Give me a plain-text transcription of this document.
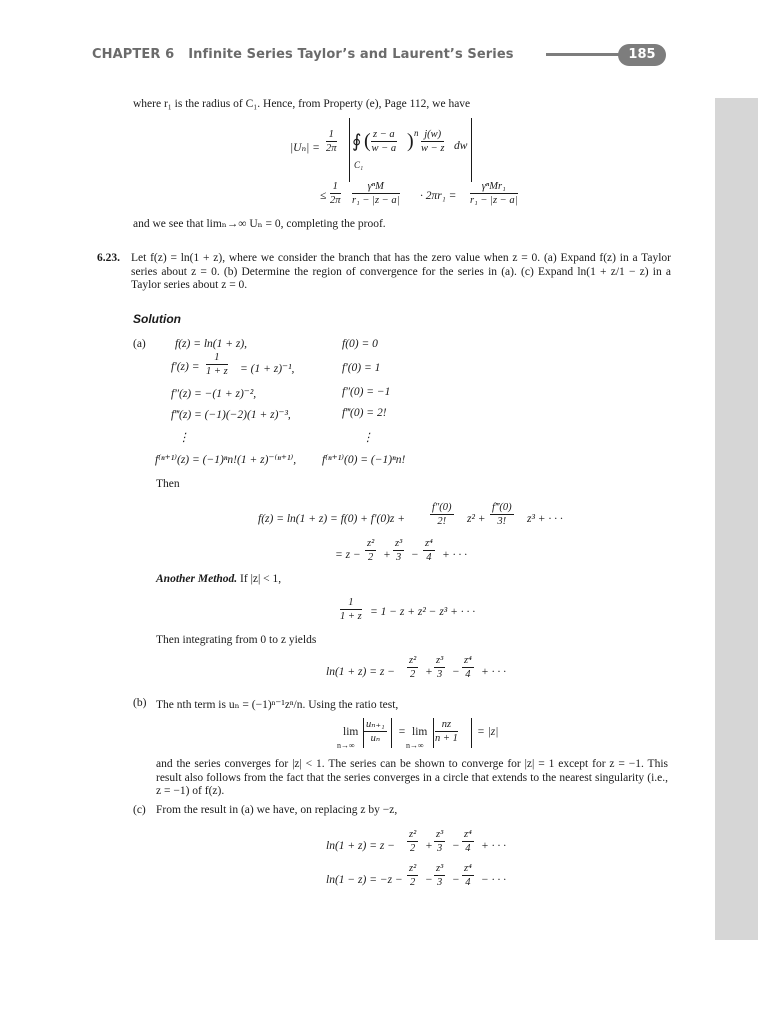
CHAPTER 6 Infinite Series Taylor’s and Laurent’s Series	185
where r₁ is the radius of C₁. Hence, from Property (e), Page 112, we have
$|U_n| = \frac{1}{2\pi}$ ∮
C₁
( $\frac{z - a}{w - a}$ ) n $\frac{j(w)}{w - z}$ dw
≤ $\frac{1}{2\pi} \frac{\text{γⁿM}}{\text{r₁ − |z − a|}} \cdot 2\pi r_1 = \frac{\text{γⁿMr₁}}{\text{r₁ − |z − a|}}$
and we see that limₙ→∞ Uₙ = 0, completing the proof.
6.23. Let f(z) = ln(1 + z), where we consider the branch that has the zero value when z = 0. (a) Expand f(z) in a Taylor series about z = 0. (b) Determine the region of convergence for the series in (a). (c) Expand ln(1 + z/1 − z) in a Taylor series about z = 0.
Solution
(a)	f(z) = ln(1 + z),
$f'(z) = \frac{1}{1 + z} = (1 + z)^{-1}$,
f″(z) = −(1 + z)⁻²,
f‴(z) = (−1)(−2)(1 + z)⁻³,
⋮
f⁽ⁿ⁺¹⁾(z) = (−1)ⁿn!(1 + z)⁻⁽ⁿ⁺¹⁾,
f(0) = 0
f′(0) = 1
f″(0) = −1
f‴(0) = 2!
⋮
f⁽ⁿ⁺¹⁾(0) = (−1)ⁿn!
Then
$f(z) = \ln(1 + z) = f(0) + f'(0)z + \frac{f''(0)}{2!} z^2 + \frac{f‴(0)}{3!} z^3$ + · · ·
= $z - \frac{\text{z²}}{2} + \frac{\text{z³}}{3} - \frac{\text{z⁴}}{4}$ + · · ·
Another Method. If |z| < 1,
$\frac{1}{1 + z} = 1 - z + z^2 - z^3$ + · · ·
Then integrating from 0 to z yields
$\ln(1 + z) = z - \frac{\text{z²}}{2} + \frac{\text{z³}}{3} - \frac{\text{z⁴}}{4}$ + · · ·
(b) The nth term is uₙ = (−1)ⁿ⁻¹zⁿ/n. Using the ratio test,
lim
n→∞
$\frac{\text{uₙ₊₁}}{\text{uₙ}} = \lim$
n→∞
$\frac{nz}{n + 1} = |z|$
and the series converges for |z| < 1. The series can be shown to converge for |z| = 1 except for z = −1. This result also follows from the fact that the series converges in a circle that extends to the nearest singularity (i.e., z = −1) of f(z).
(c) From the result in (a) we have, on replacing z by −z,
$\ln(1 + z) = z - \frac{\text{z²}}{2} + \frac{\text{z³}}{3} - \frac{\text{z⁴}}{4}$ + · · ·
$\ln(1 - z) = -z - \frac{\text{z²}}{2} - \frac{\text{z³}}{3} - \frac{\text{z⁴}}{4}$ − · · ·
